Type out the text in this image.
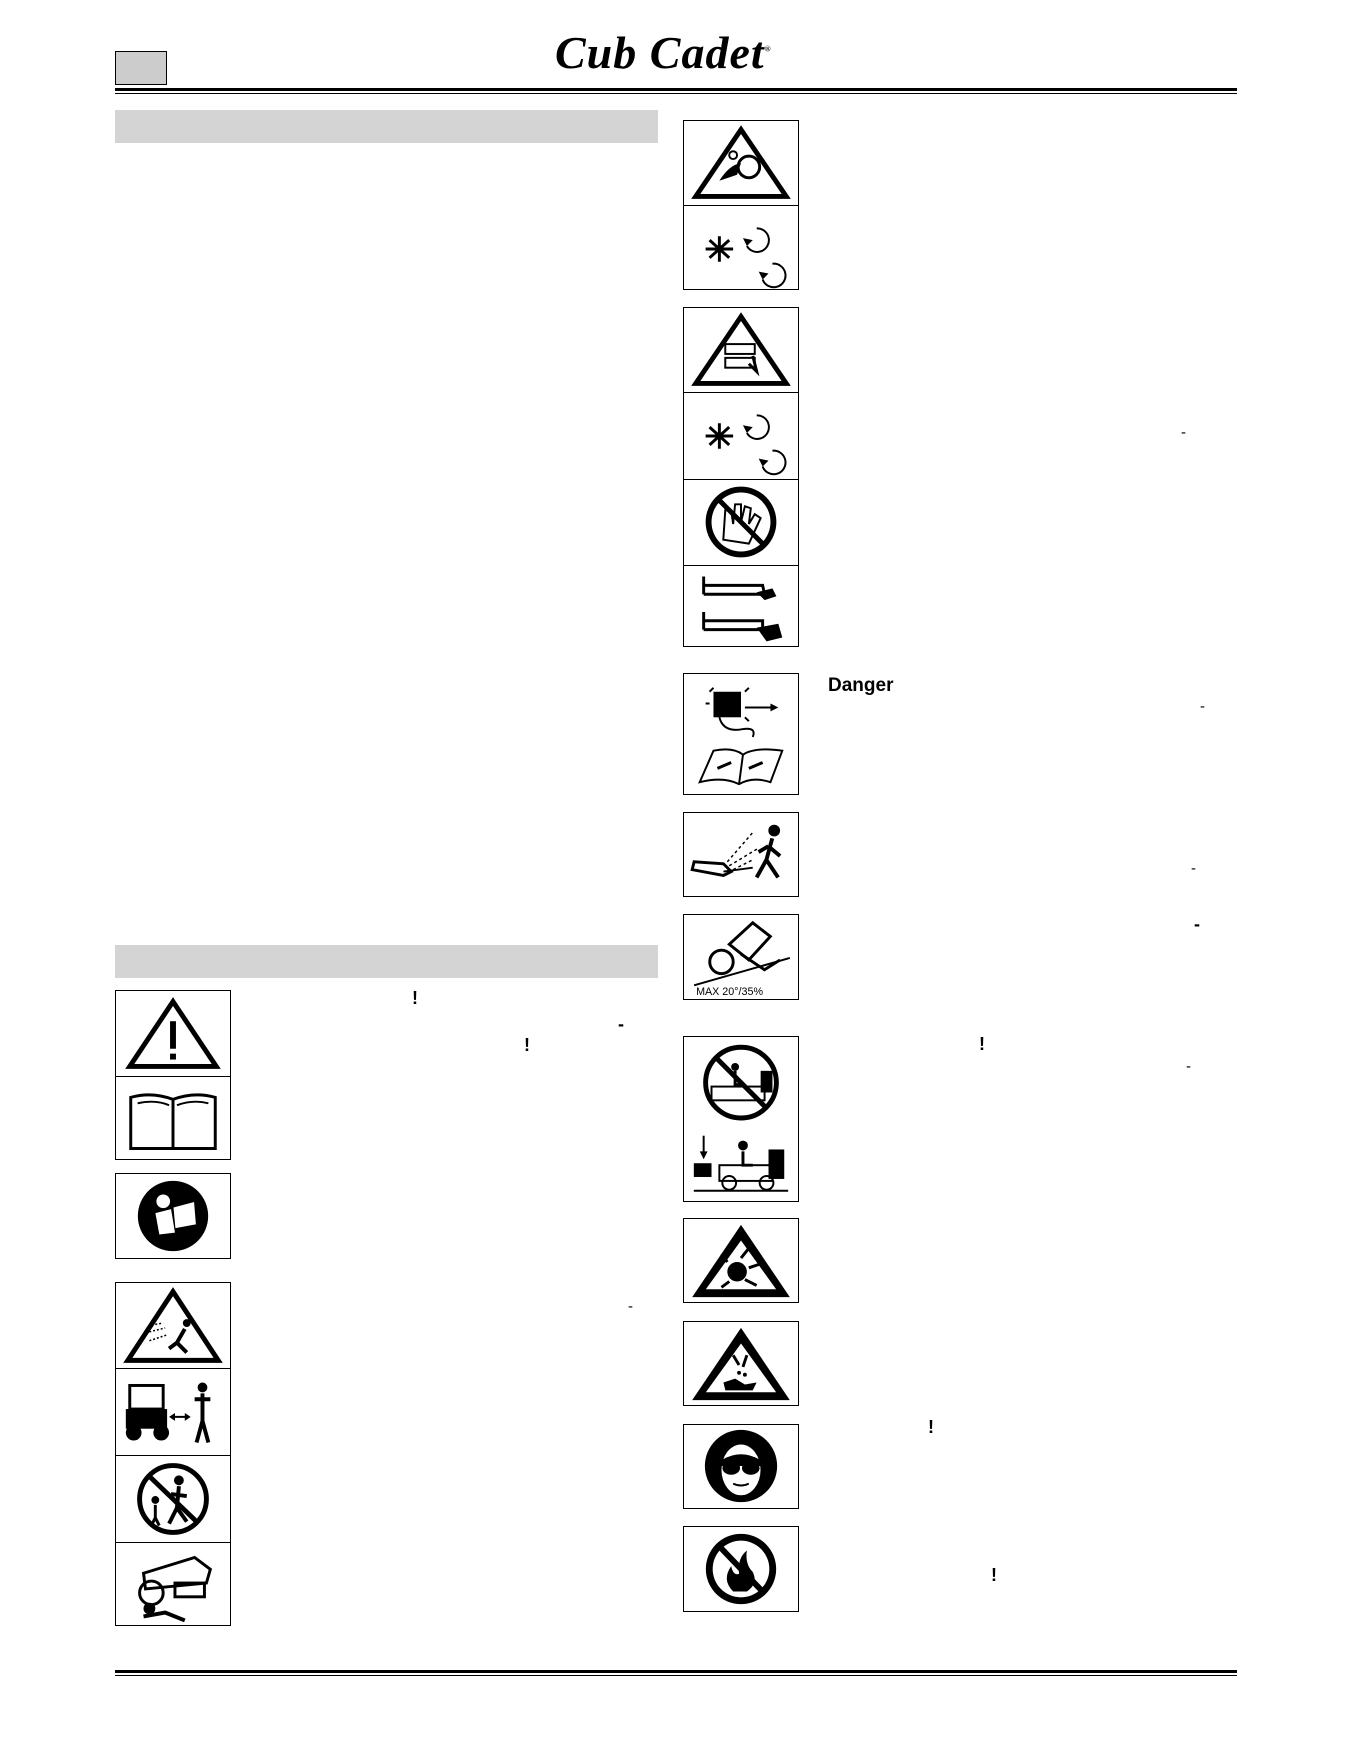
Cub Cadet®
!
-
!
-
MAX 20°/35%
Danger
-
-
-
-
!
-
!
!
